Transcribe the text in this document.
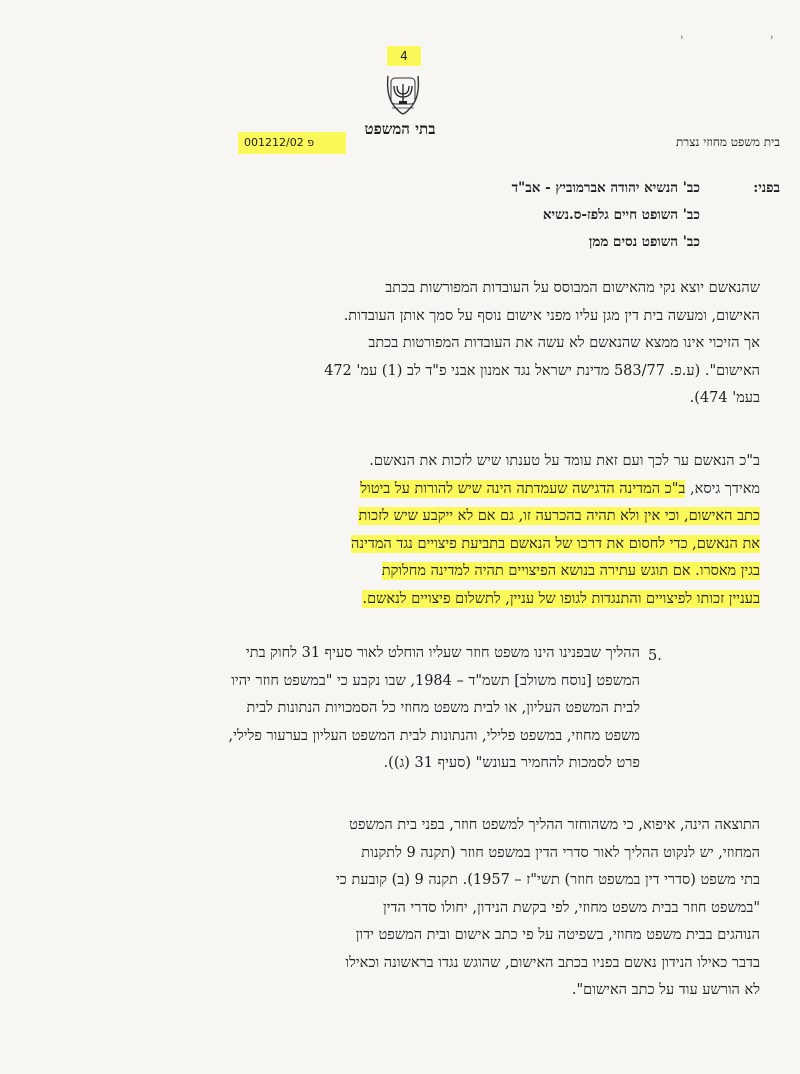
'	'
4
בתי המשפט
001212/02 פ	בית משפט מחוזי נצרת
בפני:
כב' הנשיא יהודה אברמוביץ - אב"ד
כב' השופט חיים גלפז-ס.נשיא
כב' השופט נסים ממן
שהנאשם יוצא נקי מהאישום המבוסס על העובדות המפורשות בכתב
האישום, ומעשה בית דין מגן עליו מפני אישום נוסף על סמך אותן העובדות.
אך הזיכוי אינו ממצא שהנאשם לא עשה את העובדות המפורטות בכתב
האישום". (ע.פ. 583/77 מדינת ישראל נגד אמנון אבני פ"ד לב (1) עמ' 472
בעמ' 474).
ב"כ הנאשם ער לכך ועם זאת עומד על טענתו שיש לזכות את הנאשם.
מאידך גיסא, ב"כ המדינה הדגישה שעמדתה הינה שיש להורות על ביטול
כתב האישום, וכי אין ולא תהיה בהכרעה זו, גם אם לא ייקבע שיש לזכות
את הנאשם, כדי לחסום את דרכו של הנאשם בתביעת פיצויים נגד המדינה
בגין מאסרו. אם תוגש עתירה בנושא הפיצויים תהיה למדינה מחלוקת
בעניין זכותו לפיצויים והתנגדות לגופו של עניין, לתשלום פיצויים לנאשם.
5.
ההליך שבפנינו הינו משפט חוזר שעליו הוחלט לאור סעיף 31 לחוק בתי
המשפט [נוסח משולב] תשמ"ד – 1984, שבו נקבע כי "במשפט חוזר יהיו
לבית המשפט העליון, או לבית משפט מחוזי כל הסמכויות הנתונות לבית
משפט מחוזי, במשפט פלילי, והנתונות לבית המשפט העליון בערעור פלילי,
פרט לסמכות להחמיר בעונש" (סעיף 31 (ג)).
התוצאה הינה, איפוא, כי משהוחזר ההליך למשפט חוזר, בפני בית המשפט
המחוזי, יש לנקוט ההליך לאור סדרי הדין במשפט חוזר (תקנה 9 לתקנות
בתי משפט (סדרי דין במשפט חוזר) תשי"ז – 1957). תקנה 9 (ב) קובעת כי
"במשפט חוזר בבית משפט מחוזי, לפי בקשת הנידון, יחולו סדרי הדין
הנוהגים בבית משפט מחוזי, בשפיטה על פי כתב אישום ובית המשפט ידון
בדבר כאילו הנידון נאשם בפניו בכתב האישום, שהוגש נגדו בראשונה וכאילו
לא הורשע עוד על כתב האישום".
